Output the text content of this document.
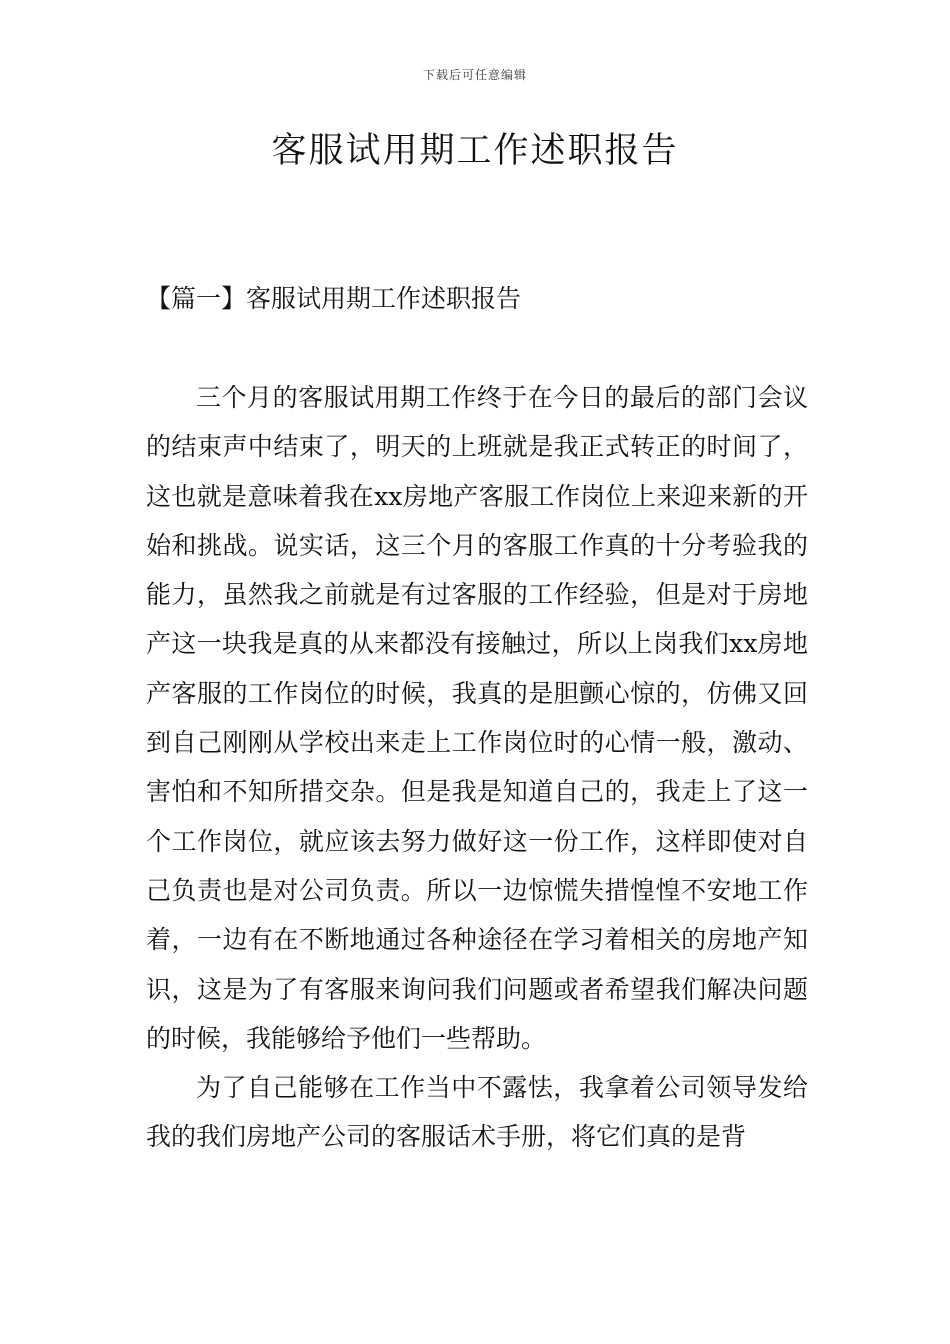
下载后可任意编辑
客服试用期工作述职报告
【篇一】客服试用期工作述职报告

三个月的客服试用期工作终于在今日的最后的部门会议的结束声中结束了，明天的上班就是我正式转正的时间了，这也就是意味着我在xx房地产客服工作岗位上来迎来新的开始和挑战。说实话，这三个月的客服工作真的十分考验我的能力，虽然我之前就是有过客服的工作经验，但是对于房地产这一块我是真的从来都没有接触过，所以上岗我们xx房地产客服的工作岗位的时候，我真的是胆颤心惊的，仿佛又回到自己刚刚从学校出来走上工作岗位时的心情一般，激动、害怕和不知所措交杂。但是我是知道自己的，我走上了这一个工作岗位，就应该去努力做好这一份工作，这样即使对自己负责也是对公司负责。所以一边惊慌失措惶惶不安地工作着，一边有在不断地通过各种途径在学习着相关的房地产知识，这是为了有客服来询问我们问题或者希望我们解决问题的时候，我能够给予他们一些帮助。

为了自己能够在工作当中不露怯，我拿着公司领导发给我的我们房地产公司的客服话术手册，将它们真的是背
